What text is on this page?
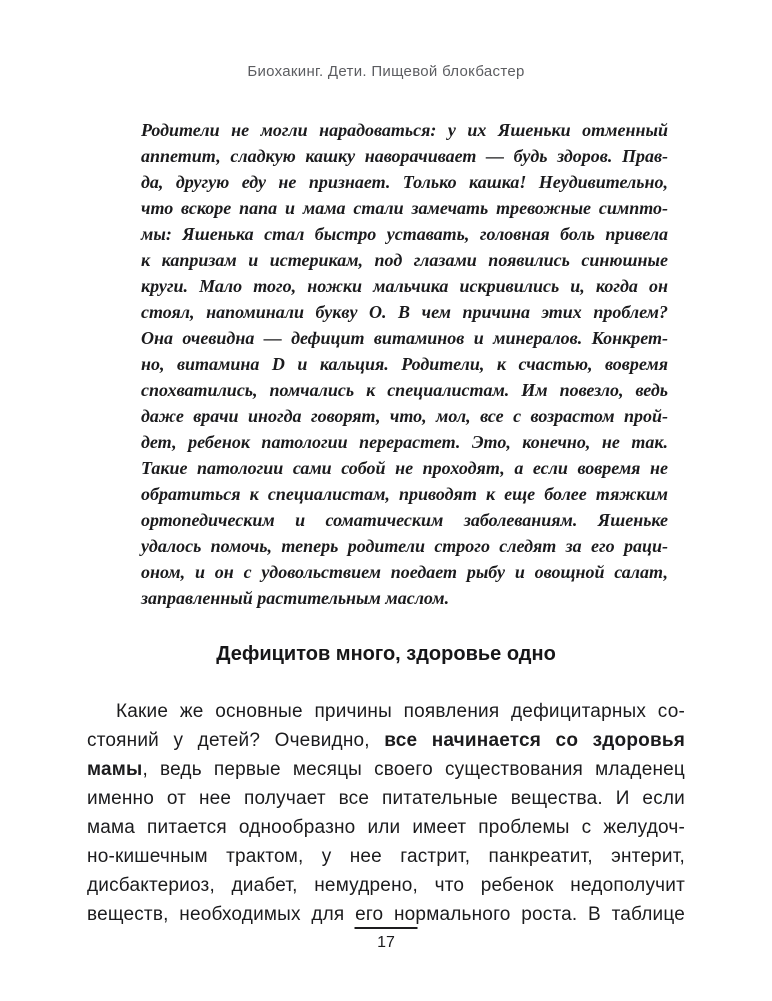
Биохакинг. Дети. Пищевой блокбастер
Родители не могли нарадоваться: у их Яшеньки отменный
аппетит, сладкую кашку наворачивает — будь здоров. Прав-
да, другую еду не признает. Только кашка! Неудивительно,
что вскоре папа и мама стали замечать тревожные симпто-
мы: Яшенька стал быстро уставать, головная боль привела
к капризам и истерикам, под глазами появились синюшные
круги. Мало того, ножки мальчика искривились и, когда он
стоял, напоминали букву О. В чем причина этих проблем?
Она очевидна — дефицит витаминов и минералов. Конкрет-
но, витамина D и кальция. Родители, к счастью, вовремя
спохватились, помчались к специалистам. Им повезло, ведь
даже врачи иногда говорят, что, мол, все с возрастом прой-
дет, ребенок патологии перерастет. Это, конечно, не так.
Такие патологии сами собой не проходят, а если вовремя не
обратиться к специалистам, приводят к еще более тяжким
ортопедическим и соматическим заболеваниям. Яшеньке
удалось помочь, теперь родители строго следят за его раци-
оном, и он с удовольствием поедает рыбу и овощной салат,
заправленный растительным маслом.
Дефицитов много, здоровье одно
Какие же основные причины появления дефицитарных со-
стояний у детей? Очевидно, все начинается со здоровья
мамы, ведь первые месяцы своего существования младенец
именно от нее получает все питательные вещества. И если
мама питается однообразно или имеет проблемы с желудоч-
но-кишечным трактом, у нее гастрит, панкреатит, энтерит,
дисбактериоз, диабет, немудрено, что ребенок недополучит
веществ, необходимых для его нормального роста. В таблице
17
